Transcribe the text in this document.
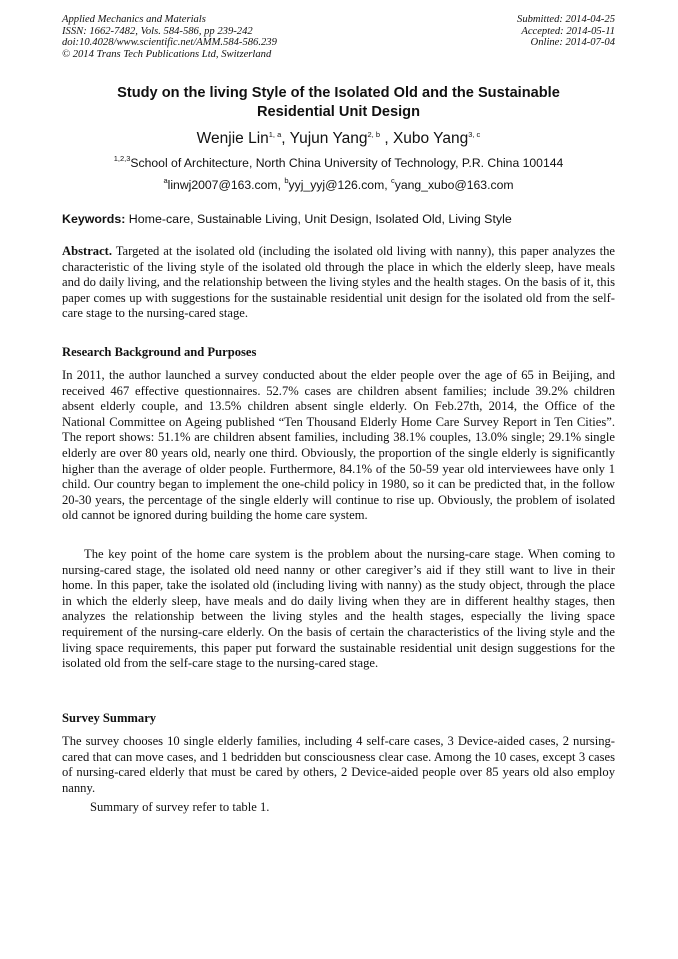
Applied Mechanics and Materials
ISSN: 1662-7482, Vols. 584-586, pp 239-242
doi:10.4028/www.scientific.net/AMM.584-586.239
© 2014 Trans Tech Publications Ltd, Switzerland
Submitted: 2014-04-25
Accepted: 2014-05-11
Online: 2014-07-04
Study on the living Style of the Isolated Old and the Sustainable
Residential Unit Design
Wenjie Lin$^{1, a}$, Yujun Yang$^{2, b}$ , Xubo Yang$^{3, c}$
$^{1,2,3}$School of Architecture, North China University of Technology, P.R. China 100144
$^a$linwj2007@163.com, $^b$yyj_yyj@126.com, $^c$yang_xubo@163.com
Keywords: Home-care, Sustainable Living, Unit Design, Isolated Old, Living Style
Abstract. Targeted at the isolated old (including the isolated old living with nanny), this paper analyzes the characteristic of the living style of the isolated old through the place in which the elderly sleep, have meals and do daily living, and the relationship between the living styles and the health stages. On the basis of it, this paper comes up with suggestions for the sustainable residential unit design for the isolated old from the self-care stage to the nursing-cared stage.
Research Background and Purposes
In 2011, the author launched a survey conducted about the elder people over the age of 65 in Beijing, and received 467 effective questionnaires. 52.7% cases are children absent families; include 39.2% children absent elderly couple, and 13.5% children absent single elderly. On Feb.27th, 2014, the Office of the National Committee on Ageing published “Ten Thousand Elderly Home Care Survey Report in Ten Cities”. The report shows: 51.1% are children absent families, including 38.1% couples, 13.0% single; 29.1% single elderly are over 80 years old, nearly one third. Obviously, the proportion of the single elderly is significantly higher than the average of older people. Furthermore, 84.1% of the 50-59 year old interviewees have only 1 child. Our country began to implement the one-child policy in 1980, so it can be predicted that, in the follow 20-30 years, the percentage of the single elderly will continue to rise up. Obviously, the problem of isolated old cannot be ignored during building the home care system.
The key point of the home care system is the problem about the nursing-care stage. When coming to nursing-cared stage, the isolated old need nanny or other caregiver’s aid if they still want to live in their home. In this paper, take the isolated old (including living with nanny) as the study object, through the place in which the elderly sleep, have meals and do daily living when they are in different healthy stages, then analyzes the relationship between the living styles and the health stages, especially the living space requirement of the nursing-care elderly. On the basis of certain the characteristics of the living style and the living space requirements, this paper put forward the sustainable residential unit design suggestions for the isolated old from the self-care stage to the nursing-cared stage.
Survey Summary
The survey chooses 10 single elderly families, including 4 self-care cases, 3 Device-aided cases, 2 nursing-cared that can move cases, and 1 bedridden but consciousness clear case. Among the 10 cases, except 3 cases of nursing-cared elderly that must be cared by others, 2 Device-aided people over 85 years old also employ nanny.
Summary of survey refer to table 1.
